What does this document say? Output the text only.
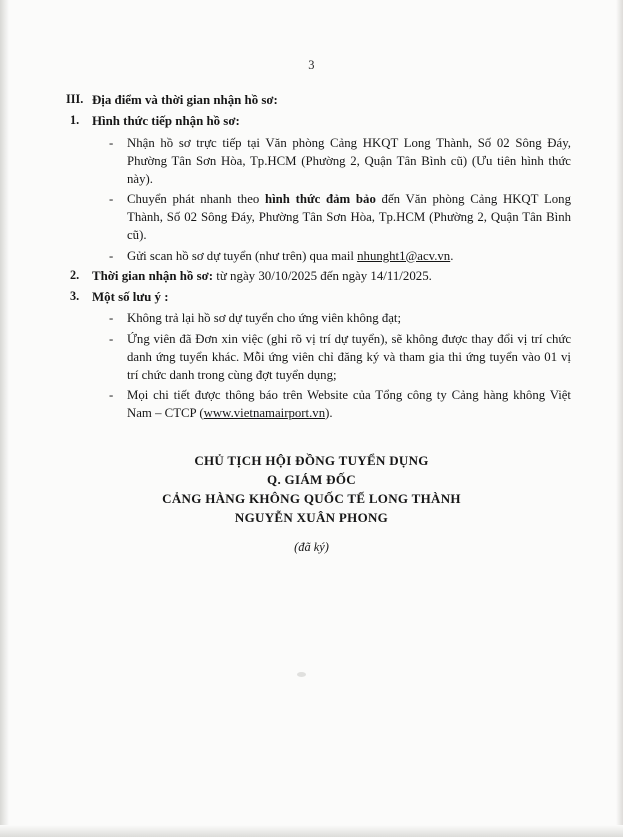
3
III. Địa điểm và thời gian nhận hồ sơ:
1. Hình thức tiếp nhận hồ sơ:
-	Nhận hồ sơ trực tiếp tại Văn phòng Cảng HKQT Long Thành, Số 02 Sông Đáy, Phường Tân Sơn Hòa, Tp.HCM (Phường 2, Quận Tân Bình cũ) (Ưu tiên hình thức này).
-	Chuyển phát nhanh theo hình thức đảm bảo đến Văn phòng Cảng HKQT Long Thành, Số 02 Sông Đáy, Phường Tân Sơn Hòa, Tp.HCM (Phường 2, Quận Tân Bình cũ).
-	Gửi scan hồ sơ dự tuyển (như trên) qua mail nhunght1@acv.vn.
2. Thời gian nhận hồ sơ: từ ngày 30/10/2025 đến ngày 14/11/2025.
3. Một số lưu ý :
-	Không trả lại hồ sơ dự tuyển cho ứng viên không đạt;
-	Ứng viên đã Đơn xin việc (ghi rõ vị trí dự tuyển), sẽ không được thay đổi vị trí chức danh ứng tuyển khác. Mỗi ứng viên chỉ đăng ký và tham gia thi ứng tuyển vào 01 vị trí chức danh trong cùng đợt tuyển dụng;
-	Mọi chi tiết được thông báo trên Website của Tổng công ty Cảng hàng không Việt Nam – CTCP (www.vietnamairport.vn).
CHỦ TỊCH HỘI ĐỒNG TUYỂN DỤNG
Q. GIÁM ĐỐC
CẢNG HÀNG KHÔNG QUỐC TẾ LONG THÀNH
NGUYỄN XUÂN PHONG
(đã ký)
